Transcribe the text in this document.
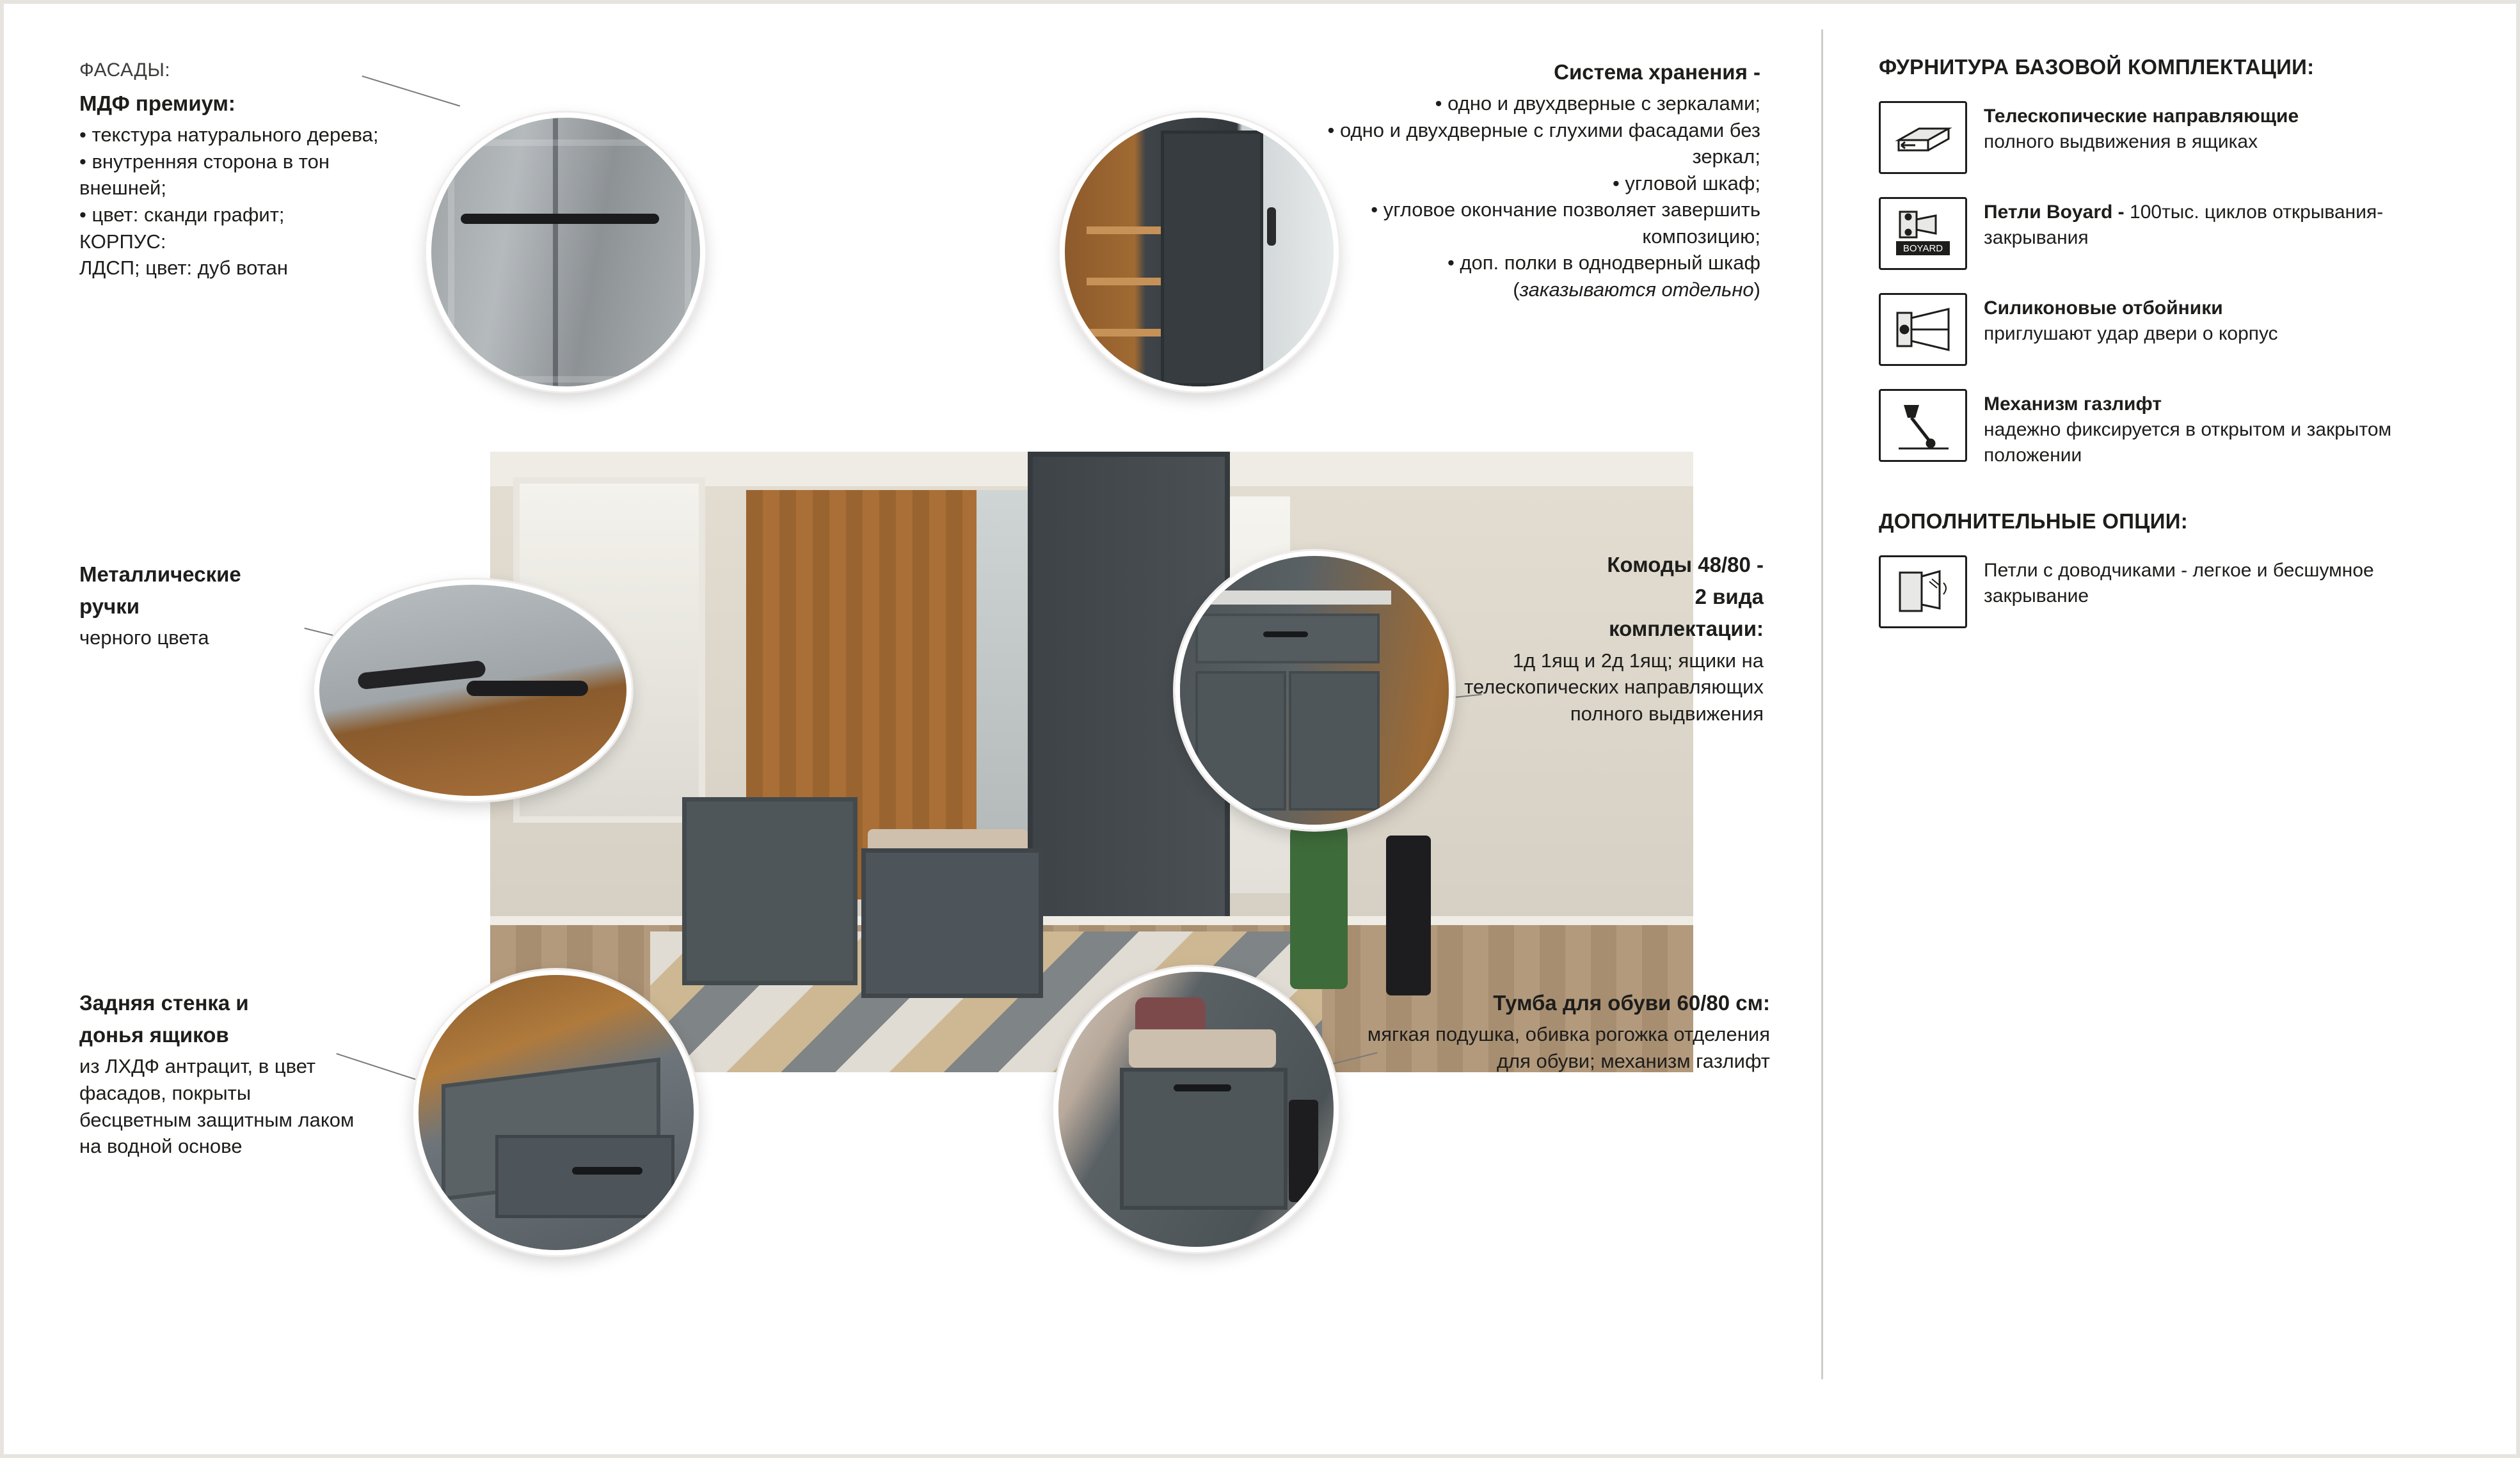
ФАСАДЫ:
МДФ премиум:
• текстура натурального дерева;
• внутренняя сторона в тон внешней;
• цвет: сканди графит;
КОРПУС:
ЛДСП; цвет: дуб вотан
Металлические
ручки
черного цвета
Задняя стенка и
донья ящиков
из ЛХДФ антрацит, в цвет фасадов, покрыты бесцветным защитным лаком на водной основе
Система хранения -
• одно и двухдверные с зеркалами;
• одно и двухдверные с глухими фасадами без зеркал;
• угловой шкаф;
• угловое окончание позволяет завершить композицию;
• доп. полки в однодверный шкаф (заказываются отдельно)
Комоды 48/80 -
2 вида
комплектации:
1д 1ящ и 2д 1ящ; ящики на телескопических направляющих полного выдвижения
Тумба для обуви 60/80 см:
мягкая подушка, обивка рогожка отделения для обуви; механизм газлифт
ФУРНИТУРА БАЗОВОЙ КОМПЛЕКТАЦИИ:
Телескопические направляющие
полного выдвижения в ящиках
BOYARD
Петли Boyard - 100тыс. циклов открывания-закрывания
Силиконовые отбойники
приглушают удар двери о корпус
Механизм газлифт
надежно фиксируется в открытом и закрытом положении
ДОПОЛНИТЕЛЬНЫЕ ОПЦИИ:
Петли с доводчиками - легкое и бесшумное закрывание
